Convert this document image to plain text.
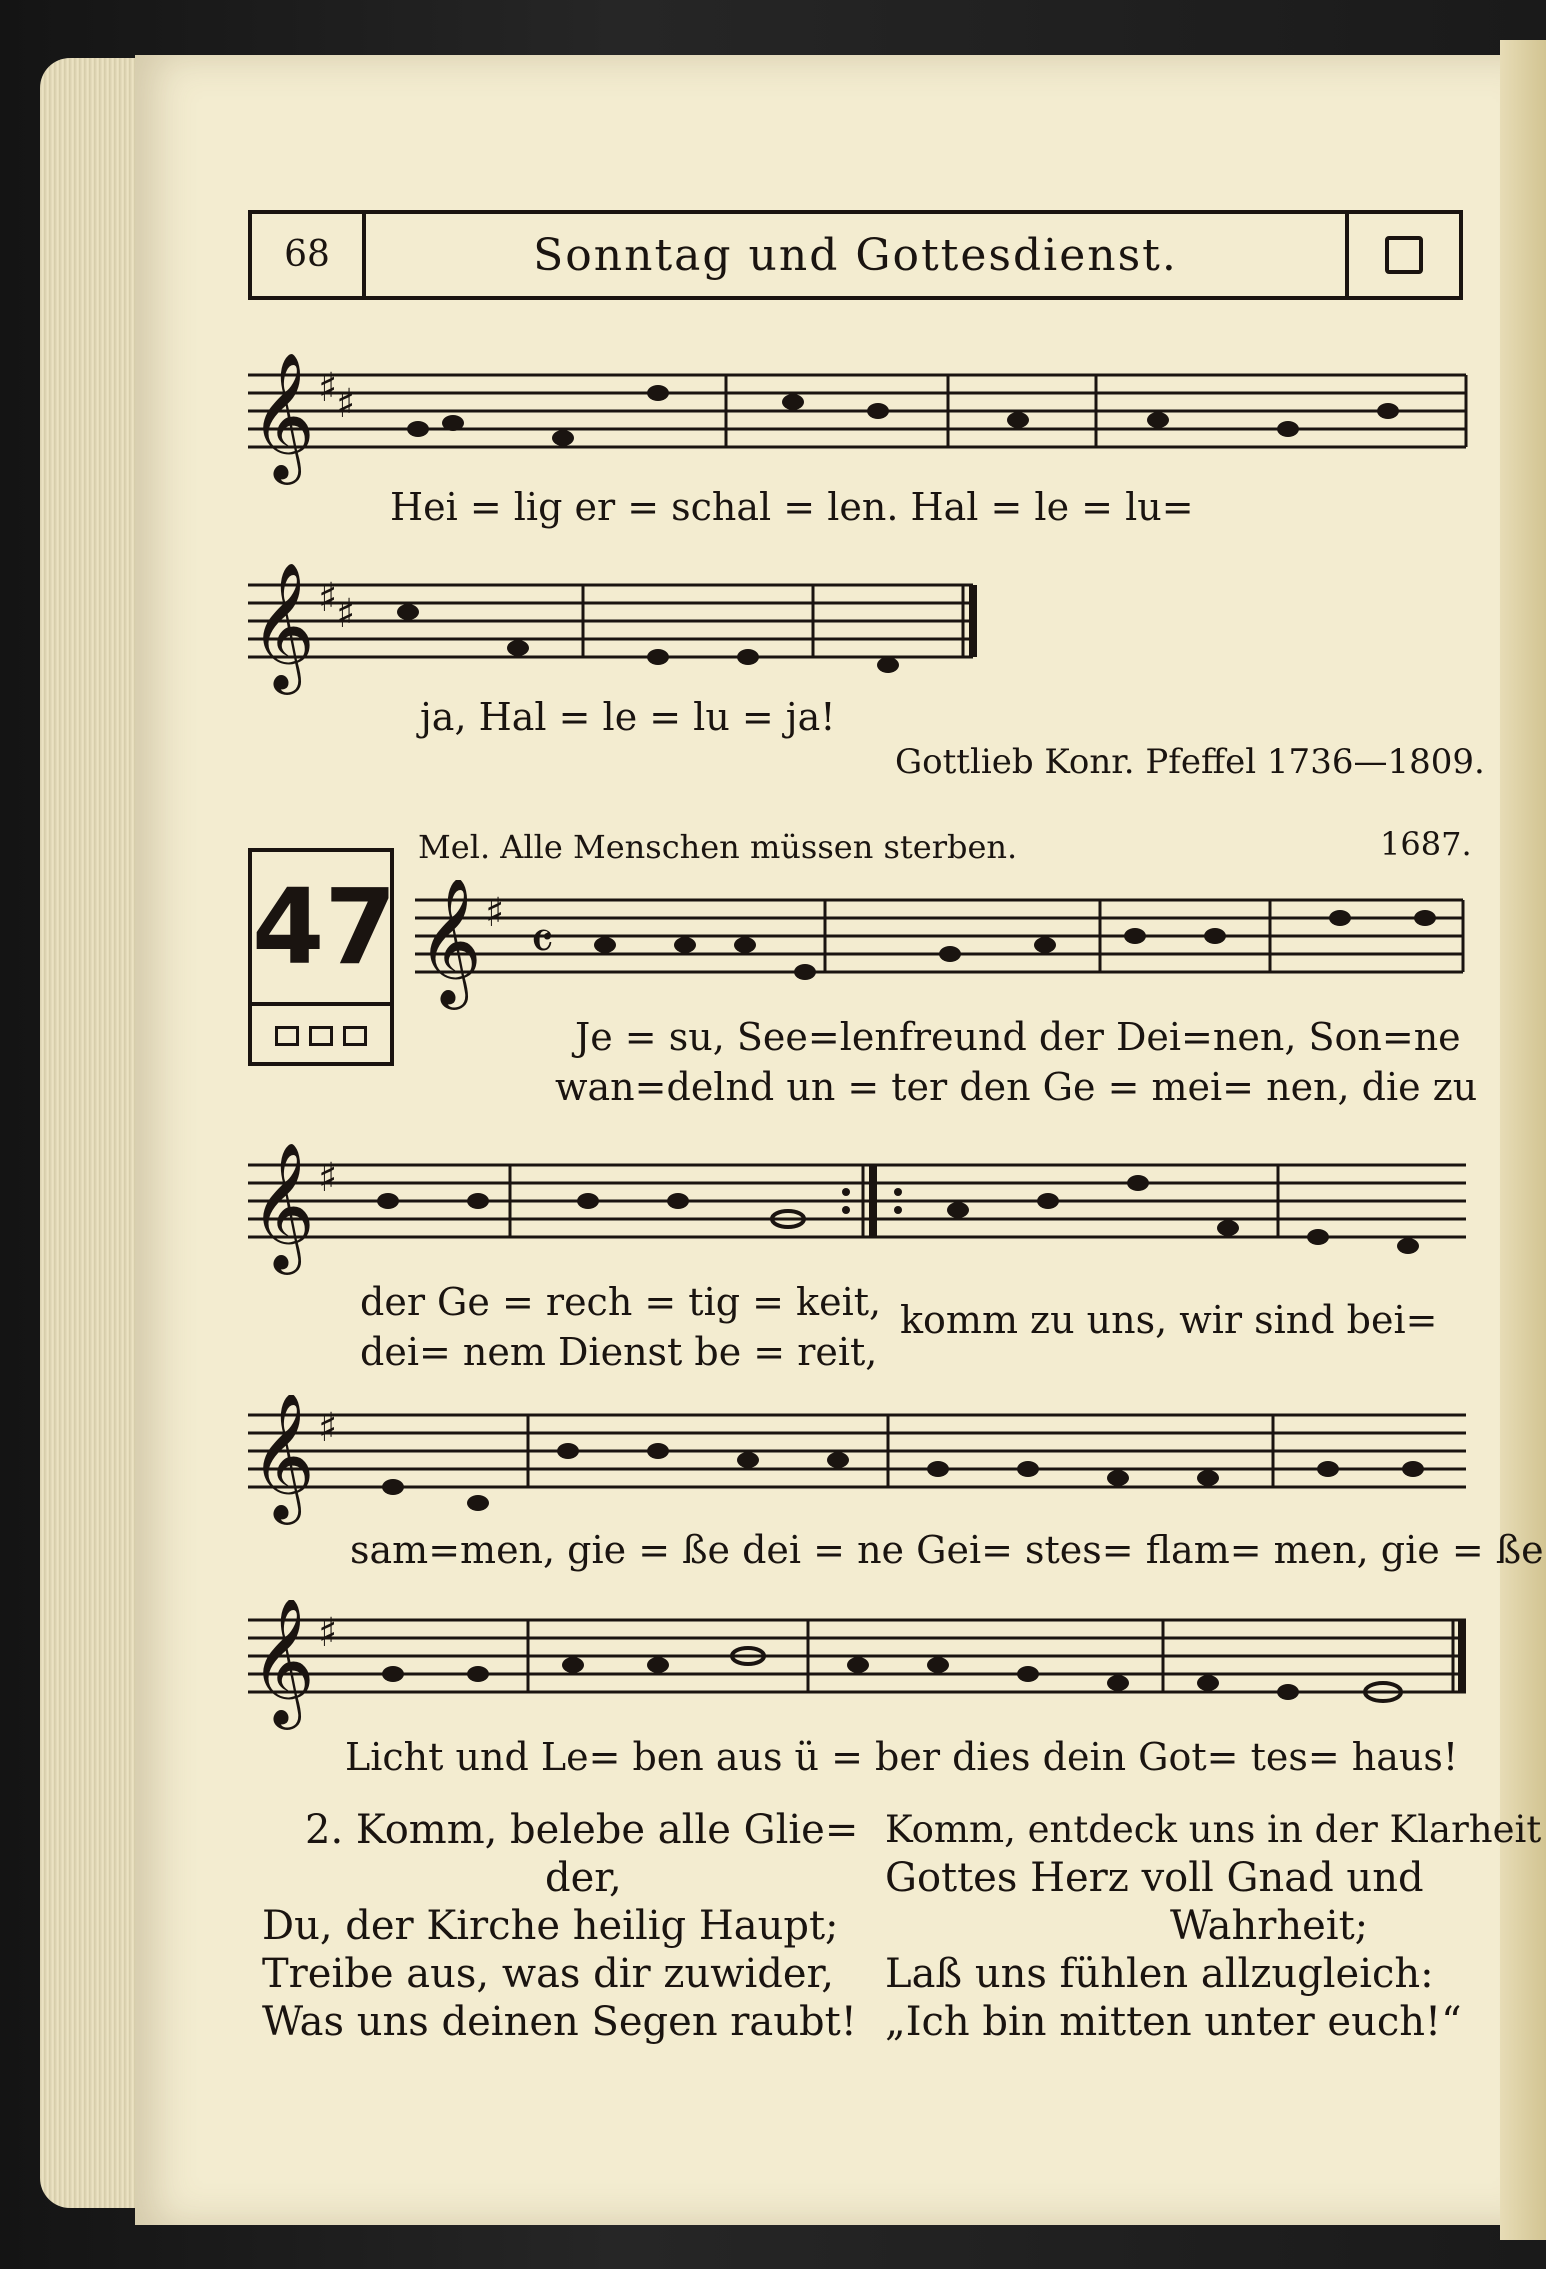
68	Sonntag und Gottesdienst.
𝄞 ♯
♯
Hei = lig er = schal = len. Hal = le = lu=
𝄞 ♯
♯
ja, Hal = le = lu = ja!
Gottlieb Konr. Pfeffel 1736—1809.
47
Mel. Alle Menschen müssen sterben.	1687.
𝄞 ♯ 𝄴
Je = su, See=lenfreund der Dei=nen, Son=ne
wan=delnd un = ter den Ge = mei= nen, die zu
𝄞 ♯
der Ge = rech = tig = keit,
dei= nem Dienst be = reit,
komm zu uns, wir sind bei=
𝄞 ♯
sam=men, gie = ße dei = ne Gei= stes= flam= men, gie = ße
𝄞 ♯
Licht und Le= ben aus ü = ber dies dein Got= tes= haus!
2. Komm, belebe alle Glie=
der,
Du, der Kirche heilig Haupt;
Treibe aus, was dir zuwider,
Was uns deinen Segen raubt!
Komm, entdeck uns in der Klarheit
Gottes Herz voll Gnad und
Wahrheit;
Laß uns fühlen allzugleich:
„Ich bin mitten unter euch!“
